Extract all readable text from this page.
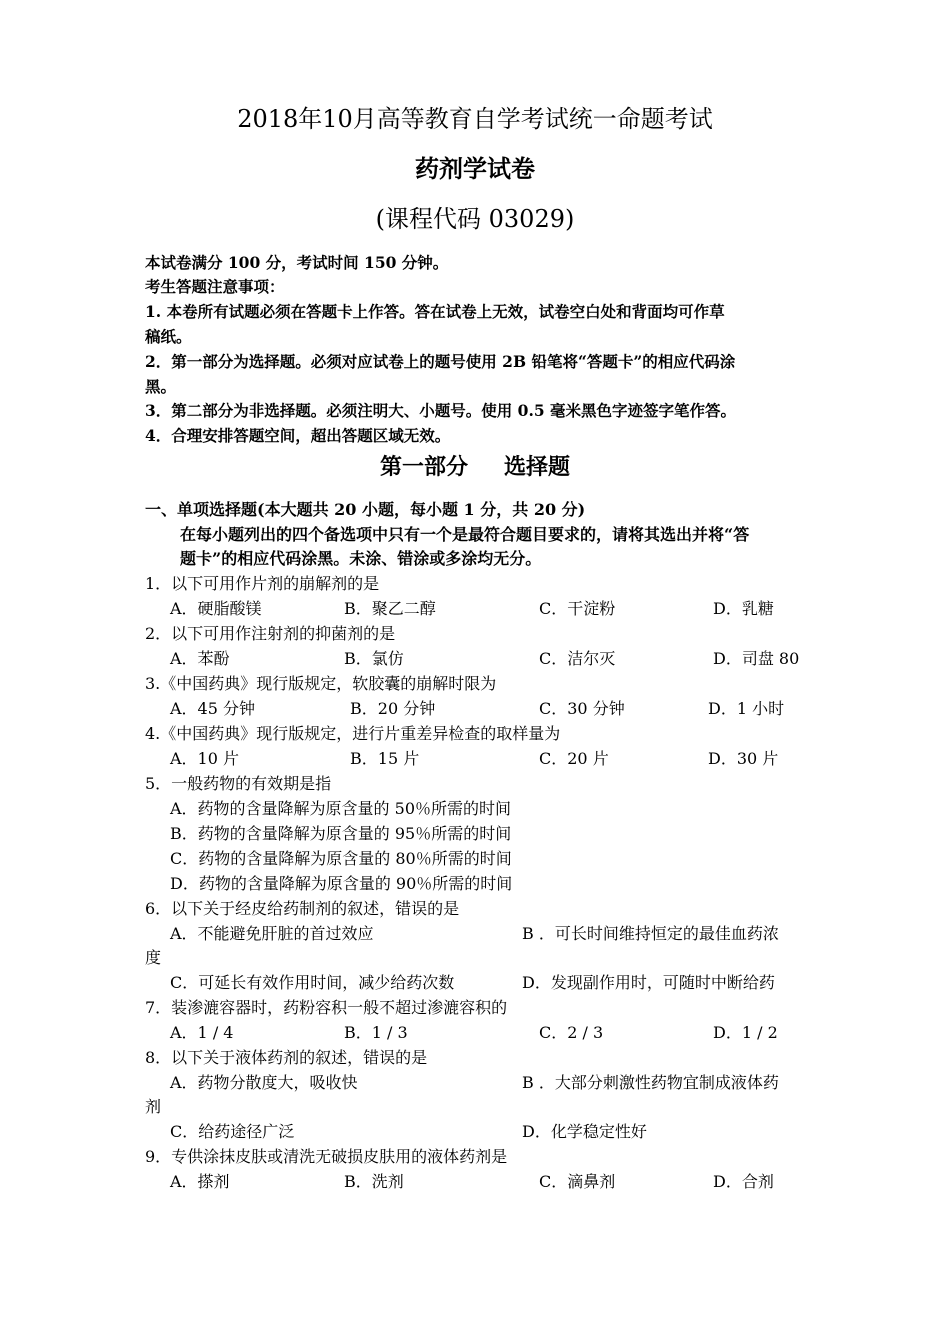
2018年10月高等教育自学考试统一命题考试
药剂学试卷
(课程代码 03029)
本试卷满分 100 分，考试时间 150 分钟。
考生答题注意事项：
1. 本卷所有试题必须在答题卡上作答。答在试卷上无效，试卷空白处和背面均可作草
稿纸。
2．第一部分为选择题。必须对应试卷上的题号使用 2B 铅笔将“答题卡”的相应代码涂
黑。
3．第二部分为非选择题。必须注明大、小题号。使用 0.5 毫米黑色字迹签字笔作答。
4．合理安排答题空间，超出答题区域无效。
第一部分 选择题
一、单项选择题(本大题共 20 小题，每小题 1 分，共 20 分)
在每小题列出的四个备选项中只有一个是最符合题目要求的，请将其选出并将“答
题卡”的相应代码涂黑。未涂、错涂或多涂均无分。
1．以下可用作片剂的崩解剂的是
A．硬脂酸镁	B．聚乙二醇	C．干淀粉	D．乳糖
2．以下可用作注射剂的抑菌剂的是
A．苯酚	B．氯仿	C．洁尔灭	D．司盘 80
3.《中国药典》现行版规定，软胶囊的崩解时限为
A．45 分钟	B．20 分钟	C．30 分钟	D．1 小时
4.《中国药典》现行版规定，进行片重差异检查的取样量为
A．10 片	B．15 片	C．20 片	D．30 片
5．一般药物的有效期是指
A．药物的含量降解为原含量的 50％所需的时间
B．药物的含量降解为原含量的 95％所需的时间
C．药物的含量降解为原含量的 80％所需的时间
D．药物的含量降解为原含量的 90％所需的时间
6．以下关于经皮给药制剂的叙述，错误的是
A．不能避免肝脏的首过效应	B ．可长时间维持恒定的最佳血药浓
度
C．可延长有效作用时间，减少给药次数	D．发现副作用时，可随时中断给药
7．装渗漉容器时，药粉容积一般不超过渗漉容积的
A．1 / 4	B．1 / 3	C．2 / 3	D．1 / 2
8．以下关于液体药剂的叙述，错误的是
A．药物分散度大，吸收快	B ．大部分刺激性药物宜制成液体药
剂
C．给药途径广泛	D．化学稳定性好
9．专供涂抹皮肤或清洗无破损皮肤用的液体药剂是
A．搽剂	B．洗剂	C．滴鼻剂	D．合剂
